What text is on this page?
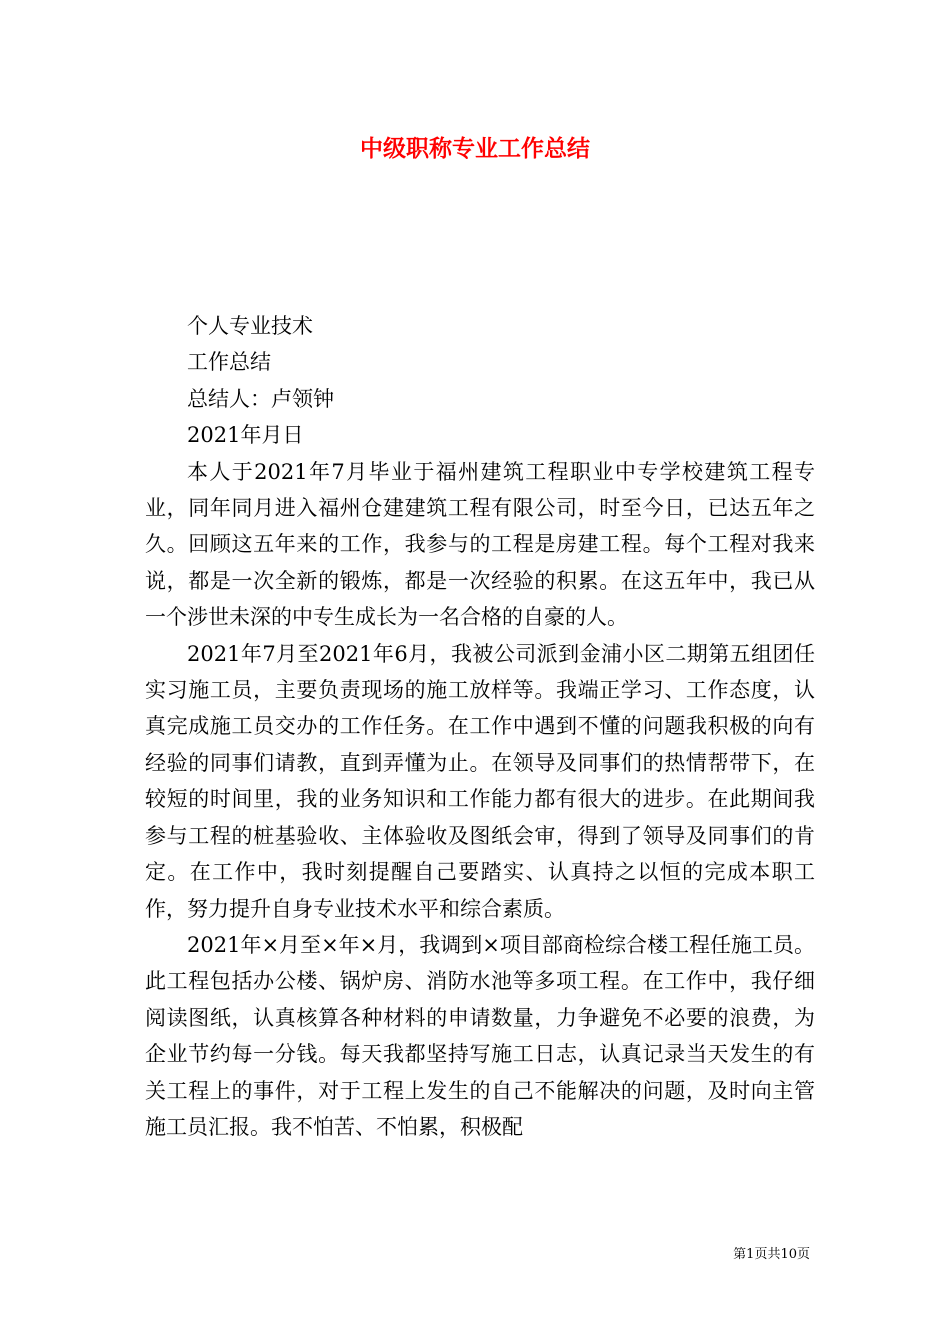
中级职称专业工作总结

个人专业技术

工作总结

总结人：卢领钟

2021年月日

本人于2021年7月毕业于福州建筑工程职业中专学校建筑工程专业，同年同月进入福州仓建建筑工程有限公司，时至今日，已达五年之久。回顾这五年来的工作，我参与的工程是房建工程。每个工程对我来说，都是一次全新的锻炼，都是一次经验的积累。在这五年中，我已从一个涉世未深的中专生成长为一名合格的自豪的人。

2021年7月至2021年6月，我被公司派到金浦小区二期第五组团任实习施工员，主要负责现场的施工放样等。我端正学习、工作态度，认真完成施工员交办的工作任务。在工作中遇到不懂的问题我积极的向有经验的同事们请教，直到弄懂为止。在领导及同事们的热情帮带下，在较短的时间里，我的业务知识和工作能力都有很大的进步。在此期间我参与工程的桩基验收、主体验收及图纸会审，得到了领导及同事们的肯定。在工作中，我时刻提醒自己要踏实、认真持之以恒的完成本职工作，努力提升自身专业技术水平和综合素质。

2021年×月至×年×月，我调到×项目部商检综合楼工程任施工员。此工程包括办公楼、锅炉房、消防水池等多项工程。在工作中，我仔细阅读图纸，认真核算各种材料的申请数量，力争避免不必要的浪费，为企业节约每一分钱。每天我都坚持写施工日志，认真记录当天发生的有关工程上的事件，对于工程上发生的自己不能解决的问题，及时向主管施工员汇报。我不怕苦、不怕累，积极配

第1页共10页
